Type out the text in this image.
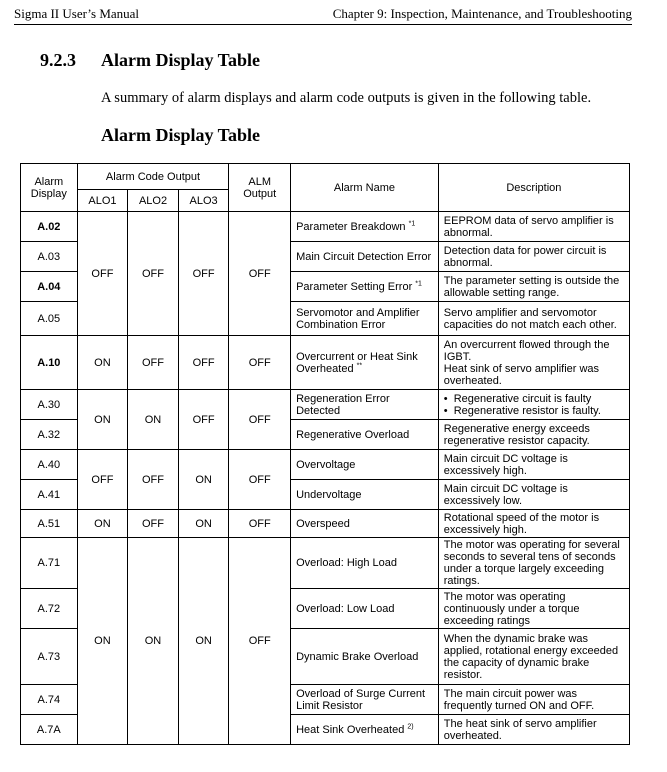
Sigma II User’s Manual	Chapter 9: Inspection, Maintenance, and Troubleshooting
9.2.3 Alarm Display Table
A summary of alarm displays and alarm code outputs is given in the following table.
Alarm Display Table
Alarm Display	Alarm Code Output			ALM Output	Alarm Name	Description
	ALO1	ALO2	ALO3			
A.02	OFF	OFF	OFF	OFF	Parameter Breakdown $^{*1}$	EEPROM data of servo amplifier is abnormal.
A.03					Main Circuit Detection Error	Detection data for power circuit is abnormal.
A.04					Parameter Setting Error $^{*1}$	The parameter setting is outside the allowable setting range.
A.05					Servomotor and Amplifier Combination Error	Servo amplifier and servomotor capacities do not match each other.
A.10	ON	OFF	OFF	OFF	Overcurrent or Heat Sink Overheated **	An overcurrent flowed through the IGBT.
Heat sink of servo amplifier was overheated.
A.30	ON	ON	OFF	OFF	Regeneration Error Detected	•  Regenerative circuit is faulty
•  Regenerative resistor is faulty.

A.32					Regenerative Overload	Regenerative energy exceeds regenerative resistor capacity.
A.40	OFF	OFF	ON	OFF	Overvoltage	Main circuit DC voltage is excessively high.
A.41					Undervoltage	Main circuit DC voltage is excessively low.
A.51	ON	OFF	ON	OFF	Overspeed	Rotational speed of the motor is excessively high.
A.71	ON	ON	ON	OFF	Overload: High Load	The motor was operating for several seconds to several tens of seconds under a torque largely exceeding ratings.
A.72					Overload: Low Load	The motor was operating continuously under a torque exceeding ratings
A.73					Dynamic Brake Overload	When the dynamic brake was applied, rotational energy exceeded the capacity of dynamic brake resistor.
A.74					Overload of Surge Current Limit Resistor	The main circuit power was frequently turned ON and OFF.
A.7A					Heat Sink Overheated $^{2)}$	The heat sink of servo amplifier overheated.
